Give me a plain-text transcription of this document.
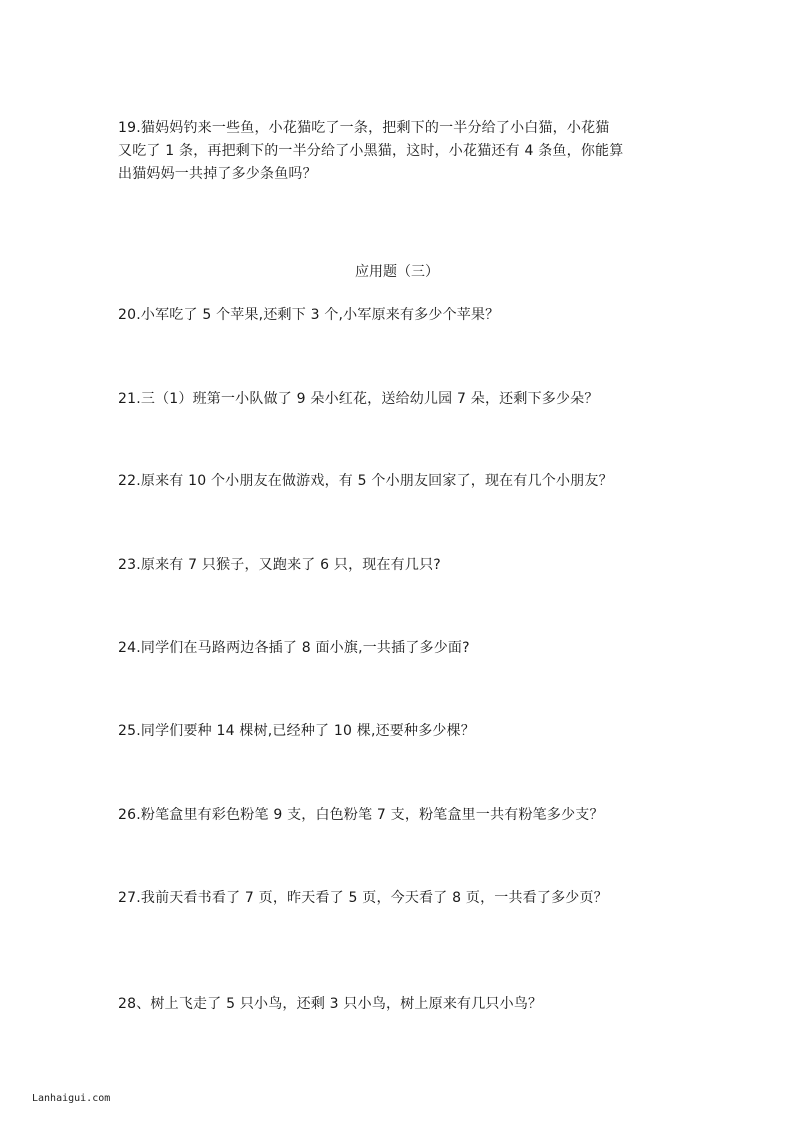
19.猫妈妈钓来一些鱼，小花猫吃了一条，把剩下的一半分给了小白猫，小花猫
又吃了 1 条，再把剩下的一半分给了小黑猫，这时，小花猫还有 4 条鱼，你能算
出猫妈妈一共掉了多少条鱼吗？
应用题（三）
20.小军吃了 5 个苹果,还剩下 3 个,小军原来有多少个苹果？
21.三（1）班第一小队做了 9 朵小红花，送给幼儿园 7 朵，还剩下多少朵？
22.原来有 10 个小朋友在做游戏，有 5 个小朋友回家了，现在有几个小朋友？
23.原来有 7 只猴子，又跑来了 6 只，现在有几只?
24.同学们在马路两边各插了 8 面小旗,一共插了多少面?
25.同学们要种 14 棵树,已经种了 10 棵,还要种多少棵？
26.粉笔盒里有彩色粉笔 9 支，白色粉笔 7 支，粉笔盒里一共有粉笔多少支？
27.我前天看书看了 7 页，昨天看了 5 页，今天看了 8 页，一共看了多少页？
28、树上飞走了 5 只小鸟，还剩 3 只小鸟，树上原来有几只小鸟？
Lanhaigui.com
